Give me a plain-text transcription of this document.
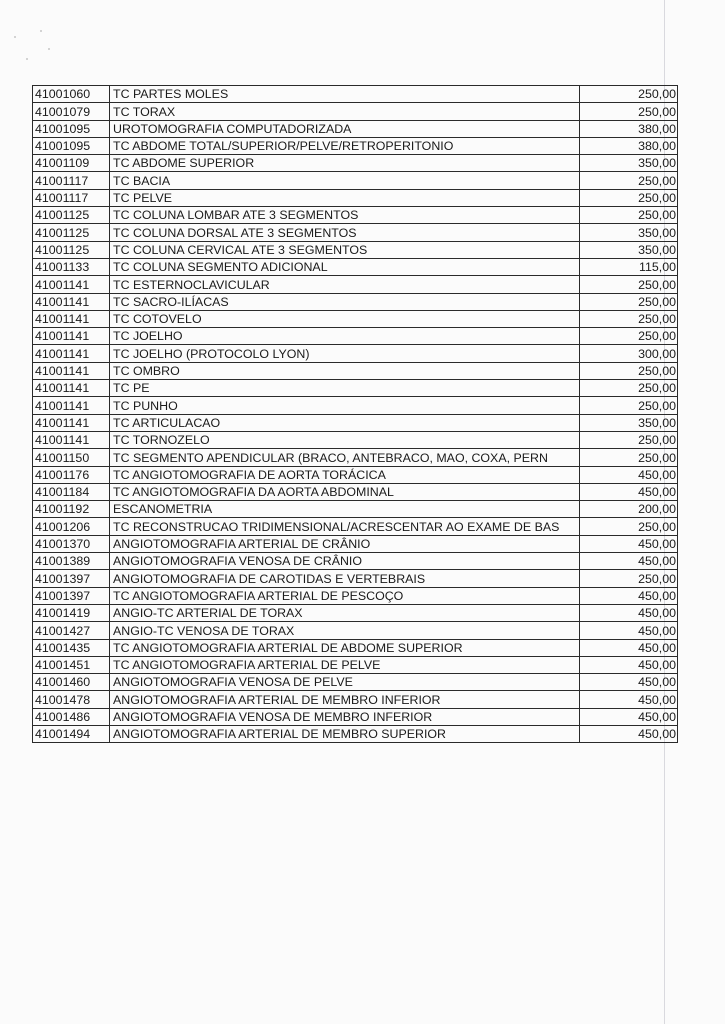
41001060	TC PARTES MOLES	250,00
41001079	TC TORAX	250,00
41001095	UROTOMOGRAFIA COMPUTADORIZADA	380,00
41001095	TC ABDOME TOTAL/SUPERIOR/PELVE/RETROPERITONIO	380,00
41001109	TC ABDOME SUPERIOR	350,00
41001117	TC BACIA	250,00
41001117	TC PELVE	250,00
41001125	TC COLUNA LOMBAR ATE 3 SEGMENTOS	250,00
41001125	TC COLUNA DORSAL ATE 3 SEGMENTOS	350,00
41001125	TC COLUNA CERVICAL ATE 3 SEGMENTOS	350,00
41001133	TC COLUNA SEGMENTO ADICIONAL	115,00
41001141	TC ESTERNOCLAVICULAR	250,00
41001141	TC SACRO-ILÍACAS	250,00
41001141	TC COTOVELO	250,00
41001141	TC JOELHO	250,00
41001141	TC JOELHO (PROTOCOLO LYON)	300,00
41001141	TC OMBRO	250,00
41001141	TC PE	250,00
41001141	TC PUNHO	250,00
41001141	TC ARTICULACAO	350,00
41001141	TC TORNOZELO	250,00
41001150	TC SEGMENTO APENDICULAR (BRACO, ANTEBRACO, MAO, COXA, PERN	250,00
41001176	TC ANGIOTOMOGRAFIA DE AORTA TORÁCICA	450,00
41001184	TC ANGIOTOMOGRAFIA DA AORTA ABDOMINAL	450,00
41001192	ESCANOMETRIA	200,00
41001206	TC RECONSTRUCAO TRIDIMENSIONAL/ACRESCENTAR AO EXAME DE BAS	250,00
41001370	ANGIOTOMOGRAFIA ARTERIAL DE CRÂNIO	450,00
41001389	ANGIOTOMOGRAFIA VENOSA DE CRÂNIO	450,00
41001397	ANGIOTOMOGRAFIA DE CAROTIDAS E VERTEBRAIS	250,00
41001397	TC ANGIOTOMOGRAFIA ARTERIAL DE PESCOÇO	450,00
41001419	ANGIO-TC ARTERIAL DE TORAX	450,00
41001427	ANGIO-TC VENOSA DE TORAX	450,00
41001435	TC ANGIOTOMOGRAFIA ARTERIAL DE ABDOME SUPERIOR	450,00
41001451	TC ANGIOTOMOGRAFIA ARTERIAL DE PELVE	450,00
41001460	ANGIOTOMOGRAFIA VENOSA DE PELVE	450,00
41001478	ANGIOTOMOGRAFIA ARTERIAL DE MEMBRO INFERIOR	450,00
41001486	ANGIOTOMOGRAFIA VENOSA DE MEMBRO INFERIOR	450,00
41001494	ANGIOTOMOGRAFIA ARTERIAL DE MEMBRO SUPERIOR	450,00
